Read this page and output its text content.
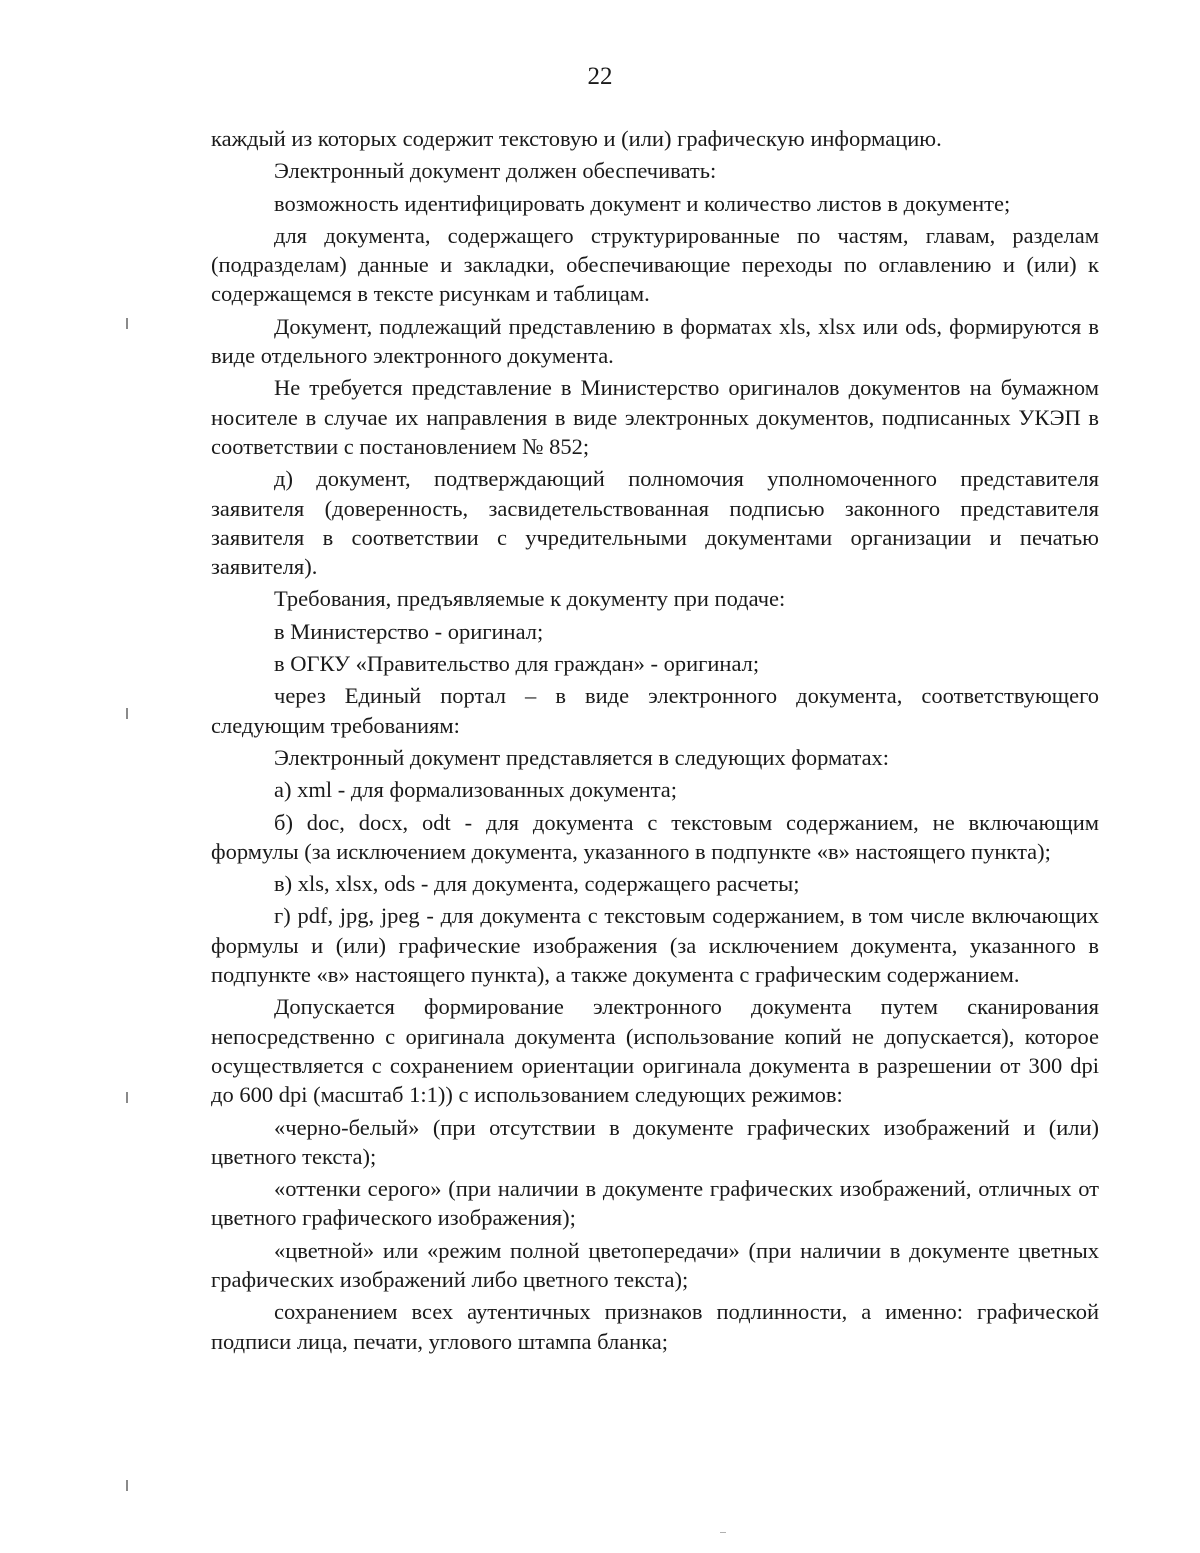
22

каждый из которых содержит текстовую и (или) графическую информацию.

Электронный документ должен обеспечивать:

возможность идентифицировать документ и количество листов в документе;

для документа, содержащего структурированные по частям, главам, разделам (подразделам) данные и закладки, обеспечивающие переходы по оглавлению и (или) к содержащемся в тексте рисункам и таблицам.

Документ, подлежащий представлению в форматах xls, xlsx или ods, формируются в виде отдельного электронного документа.

Не требуется представление в Министерство оригиналов документов на бумажном носителе в случае их направления в виде электронных документов, подписанных УКЭП в соответствии с постановлением № 852;

д) документ, подтверждающий полномочия уполномоченного представителя заявителя (доверенность, засвидетельствованная подписью законного представителя заявителя в соответствии с учредительными документами организации и печатью заявителя).

Требования, предъявляемые к документу при подаче:

в Министерство - оригинал;

в ОГКУ «Правительство для граждан» - оригинал;

через Единый портал – в виде электронного документа, соответствующего следующим требованиям:

Электронный документ представляется в следующих форматах:

а) xml - для формализованных документа;

б) doc, docx, odt - для документа с текстовым содержанием, не включающим формулы (за исключением документа, указанного в подпункте «в» настоящего пункта);

в) xls, xlsx, ods - для документа, содержащего расчеты;

г) pdf, jpg, jpeg - для документа с текстовым содержанием, в том числе включающих формулы и (или) графические изображения (за исключением документа, указанного в подпункте «в» настоящего пункта), а также документа с графическим содержанием.

Допускается формирование электронного документа путем сканирования непосредственно с оригинала документа (использование копий не допускается), которое осуществляется с сохранением ориентации оригинала документа в разрешении от 300 dpi до 600 dpi (масштаб 1:1)) с использованием следующих режимов:

«черно-белый» (при отсутствии в документе графических изображений и (или) цветного текста);

«оттенки серого» (при наличии в документе графических изображений, отличных от цветного графического изображения);

«цветной» или «режим полной цветопередачи» (при наличии в документе цветных графических изображений либо цветного текста);

сохранением всех аутентичных признаков подлинности, а именно: графической подписи лица, печати, углового штампа бланка;
